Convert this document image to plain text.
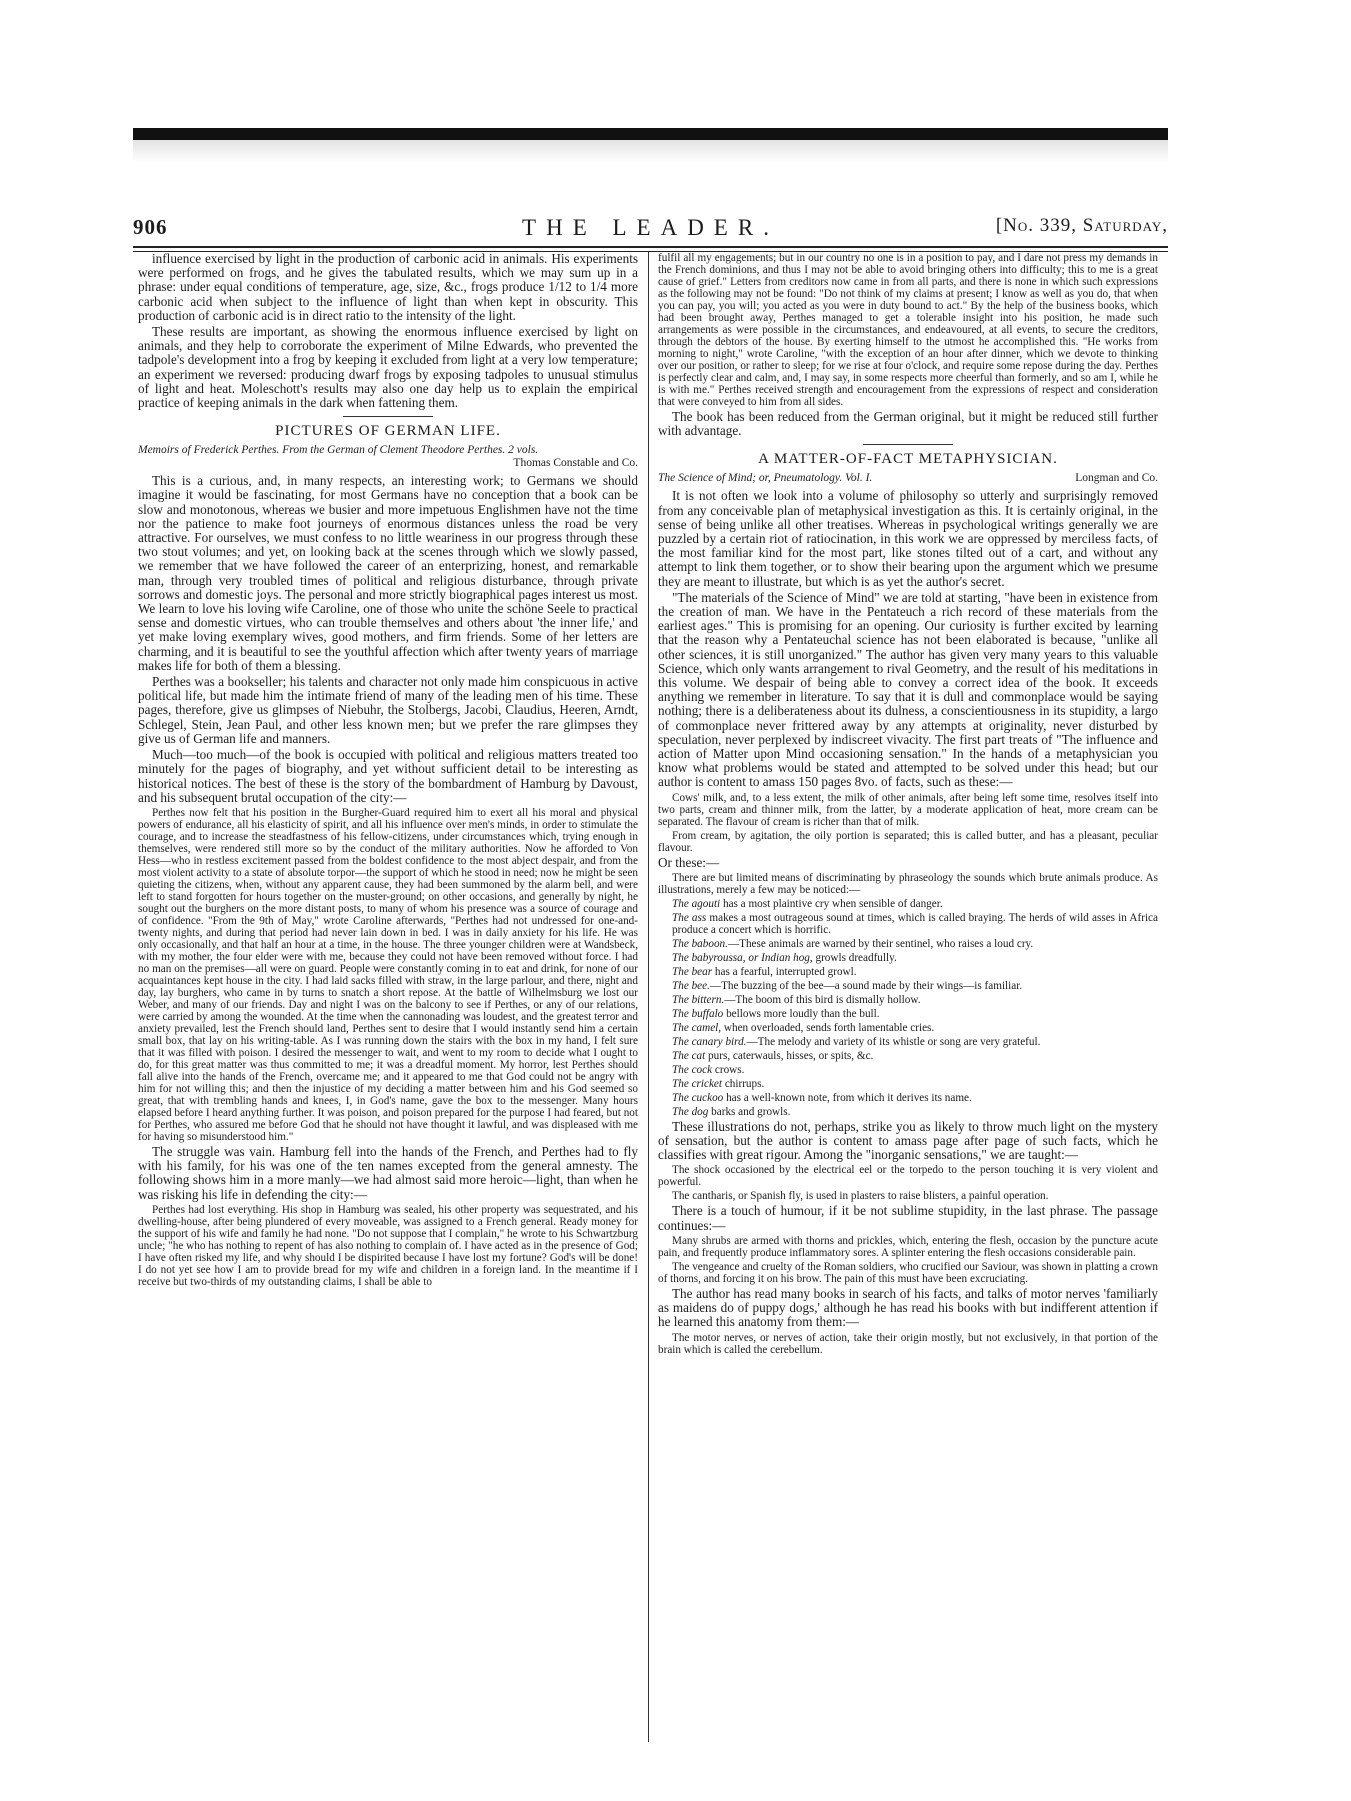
906	THE LEADER.	[No. 339, Saturday,

influence exercised by light in the production of carbonic acid in animals. His experiments were performed on frogs, and he gives the tabulated results, which we may sum up in a phrase: under equal conditions of temperature, age, size, &c., frogs produce 1/12 to 1/4 more carbonic acid when subject to the influence of light than when kept in obscurity. This production of carbonic acid is in direct ratio to the intensity of the light.

These results are important, as showing the enormous influence exercised by light on animals, and they help to corroborate the experiment of Milne Edwards, who prevented the tadpole's development into a frog by keeping it excluded from light at a very low temperature; an experiment we reversed: producing dwarf frogs by exposing tadpoles to unusual stimulus of light and heat. Moleschott's results may also one day help us to explain the empirical practice of keeping animals in the dark when fattening them.

PICTURES OF GERMAN LIFE.
Memoirs of Frederick Perthes. From the German of Clement Theodore Perthes. 2 vols.
Thomas Constable and Co.

This is a curious, and, in many respects, an interesting work; to Germans we should imagine it would be fascinating, for most Germans have no conception that a book can be slow and monotonous, whereas we busier and more impetuous Englishmen have not the time nor the patience to make foot journeys of enormous distances unless the road be very attractive. For ourselves, we must confess to no little weariness in our progress through these two stout volumes; and yet, on looking back at the scenes through which we slowly passed, we remember that we have followed the career of an enterprizing, honest, and remarkable man, through very troubled times of political and religious disturbance, through private sorrows and domestic joys. The personal and more strictly biographical pages interest us most. We learn to love his loving wife Caroline, one of those who unite the schöne Seele to practical sense and domestic virtues, who can trouble themselves and others about 'the inner life,' and yet make loving exemplary wives, good mothers, and firm friends. Some of her letters are charming, and it is beautiful to see the youthful affection which after twenty years of marriage makes life for both of them a blessing.

Perthes was a bookseller; his talents and character not only made him conspicuous in active political life, but made him the intimate friend of many of the leading men of his time. These pages, therefore, give us glimpses of Niebuhr, the Stolbergs, Jacobi, Claudius, Heeren, Arndt, Schlegel, Stein, Jean Paul, and other less known men; but we prefer the rare glimpses they give us of German life and manners.

Much—too much—of the book is occupied with political and religious matters treated too minutely for the pages of biography, and yet without sufficient detail to be interesting as historical notices. The best of these is the story of the bombardment of Hamburg by Davoust, and his subsequent brutal occupation of the city:—

Perthes now felt that his position in the Burgher-Guard required him to exert all his moral and physical powers of endurance, all his elasticity of spirit, and all his influence over men's minds, in order to stimulate the courage, and to increase the steadfastness of his fellow-citizens, under circumstances which, trying enough in themselves, were rendered still more so by the conduct of the military authorities. Now he afforded to Von Hess—who in restless excitement passed from the boldest confidence to the most abject despair, and from the most violent activity to a state of absolute torpor—the support of which he stood in need; now he might be seen quieting the citizens, when, without any apparent cause, they had been summoned by the alarm bell, and were left to stand forgotten for hours together on the muster-ground; on other occasions, and generally by night, he sought out the burghers on the more distant posts, to many of whom his presence was a source of courage and of confidence. "From the 9th of May," wrote Caroline afterwards, "Perthes had not undressed for one-and-twenty nights, and during that period had never lain down in bed. I was in daily anxiety for his life. He was only occasionally, and that half an hour at a time, in the house. The three younger children were at Wandsbeck, with my mother, the four elder were with me, because they could not have been removed without force. I had no man on the premises—all were on guard. People were constantly coming in to eat and drink, for none of our acquaintances kept house in the city. I had laid sacks filled with straw, in the large parlour, and there, night and day, lay burghers, who came in by turns to snatch a short repose. At the battle of Wilhelmsburg we lost our Weber, and many of our friends. Day and night I was on the balcony to see if Perthes, or any of our relations, were carried by among the wounded. At the time when the cannonading was loudest, and the greatest terror and anxiety prevailed, lest the French should land, Perthes sent to desire that I would instantly send him a certain small box, that lay on his writing-table. As I was running down the stairs with the box in my hand, I felt sure that it was filled with poison. I desired the messenger to wait, and went to my room to decide what I ought to do, for this great matter was thus committed to me; it was a dreadful moment. My horror, lest Perthes should fall alive into the hands of the French, overcame me; and it appeared to me that God could not be angry with him for not willing this; and then the injustice of my deciding a matter between him and his God seemed so great, that with trembling hands and knees, I, in God's name, gave the box to the messenger. Many hours elapsed before I heard anything further. It was poison, and poison prepared for the purpose I had feared, but not for Perthes, who assured me before God that he should not have thought it lawful, and was displeased with me for having so misunderstood him."

The struggle was vain. Hamburg fell into the hands of the French, and Perthes had to fly with his family, for his was one of the ten names excepted from the general amnesty. The following shows him in a more manly—we had almost said more heroic—light, than when he was risking his life in defending the city:—

Perthes had lost everything. His shop in Hamburg was sealed, his other property was sequestrated, and his dwelling-house, after being plundered of every moveable, was assigned to a French general. Ready money for the support of his wife and family he had none. "Do not suppose that I complain," he wrote to his Schwartzburg uncle; "he who has nothing to repent of has also nothing to complain of. I have acted as in the presence of God; I have often risked my life, and why should I be dispirited because I have lost my fortune? God's will be done! I do not yet see how I am to provide bread for my wife and children in a foreign land. In the meantime if I receive but two-thirds of my outstanding claims, I shall be able to

fulfil all my engagements; but in our country no one is in a position to pay, and I dare not press my demands in the French dominions, and thus I may not be able to avoid bringing others into difficulty; this to me is a great cause of grief." Letters from creditors now came in from all parts, and there is none in which such expressions as the following may not be found: "Do not think of my claims at present; I know as well as you do, that when you can pay, you will; you acted as you were in duty bound to act." By the help of the business books, which had been brought away, Perthes managed to get a tolerable insight into his position, he made such arrangements as were possible in the circumstances, and endeavoured, at all events, to secure the creditors, through the debtors of the house. By exerting himself to the utmost he accomplished this. "He works from morning to night," wrote Caroline, "with the exception of an hour after dinner, which we devote to thinking over our position, or rather to sleep; for we rise at four o'clock, and require some repose during the day. Perthes is perfectly clear and calm, and, I may say, in some respects more cheerful than formerly, and so am I, while he is with me." Perthes received strength and encouragement from the expressions of respect and consideration that were conveyed to him from all sides.

The book has been reduced from the German original, but it might be reduced still further with advantage.

A MATTER-OF-FACT METAPHYSICIAN.
The Science of Mind; or, Pneumatology. Vol. I.	Longman and Co.

It is not often we look into a volume of philosophy so utterly and surprisingly removed from any conceivable plan of metaphysical investigation as this. It is certainly original, in the sense of being unlike all other treatises. Whereas in psychological writings generally we are puzzled by a certain riot of ratiocination, in this work we are oppressed by merciless facts, of the most familiar kind for the most part, like stones tilted out of a cart, and without any attempt to link them together, or to show their bearing upon the argument which we presume they are meant to illustrate, but which is as yet the author's secret.

"The materials of the Science of Mind" we are told at starting, "have been in existence from the creation of man. We have in the Pentateuch a rich record of these materials from the earliest ages." This is promising for an opening. Our curiosity is further excited by learning that the reason why a Pentateuchal science has not been elaborated is because, "unlike all other sciences, it is still unorganized." The author has given very many years to this valuable Science, which only wants arrangement to rival Geometry, and the result of his meditations in this volume. We despair of being able to convey a correct idea of the book. It exceeds anything we remember in literature. To say that it is dull and commonplace would be saying nothing; there is a deliberateness about its dulness, a conscientiousness in its stupidity, a largo of commonplace never frittered away by any attempts at originality, never disturbed by speculation, never perplexed by indiscreet vivacity. The first part treats of "The influence and action of Matter upon Mind occasioning sensation." In the hands of a metaphysician you know what problems would be stated and attempted to be solved under this head; but our author is content to amass 150 pages 8vo. of facts, such as these:—

Cows' milk, and, to a less extent, the milk of other animals, after being left some time, resolves itself into two parts, cream and thinner milk, from the latter, by a moderate application of heat, more cream can be separated. The flavour of cream is richer than that of milk.

From cream, by agitation, the oily portion is separated; this is called butter, and has a pleasant, peculiar flavour.

Or these:—

There are but limited means of discriminating by phraseology the sounds which brute animals produce. As illustrations, merely a few may be noticed:—

The agouti has a most plaintive cry when sensible of danger.

The ass makes a most outrageous sound at times, which is called braying. The herds of wild asses in Africa produce a concert which is horrific.

The baboon.—These animals are warned by their sentinel, who raises a loud cry.

The babyroussa, or Indian hog, growls dreadfully.

The bear has a fearful, interrupted growl.

The bee.—The buzzing of the bee—a sound made by their wings—is familiar.

The bittern.—The boom of this bird is dismally hollow.

The buffalo bellows more loudly than the bull.

The camel, when overloaded, sends forth lamentable cries.

The canary bird.—The melody and variety of its whistle or song are very grateful.

The cat purs, caterwauls, hisses, or spits, &c.

The cock crows.

The cricket chirrups.

The cuckoo has a well-known note, from which it derives its name.

The dog barks and growls.

These illustrations do not, perhaps, strike you as likely to throw much light on the mystery of sensation, but the author is content to amass page after page of such facts, which he classifies with great rigour. Among the "inorganic sensations," we are taught:—

The shock occasioned by the electrical eel or the torpedo to the person touching it is very violent and powerful.

The cantharis, or Spanish fly, is used in plasters to raise blisters, a painful operation.

There is a touch of humour, if it be not sublime stupidity, in the last phrase. The passage continues:—

Many shrubs are armed with thorns and prickles, which, entering the flesh, occasion by the puncture acute pain, and frequently produce inflammatory sores. A splinter entering the flesh occasions considerable pain.

The vengeance and cruelty of the Roman soldiers, who crucified our Saviour, was shown in platting a crown of thorns, and forcing it on his brow. The pain of this must have been excruciating.

The author has read many books in search of his facts, and talks of motor nerves 'familiarly as maidens do of puppy dogs,' although he has read his books with but indifferent attention if he learned this anatomy from them:—

The motor nerves, or nerves of action, take their origin mostly, but not exclusively, in that portion of the brain which is called the cerebellum.
